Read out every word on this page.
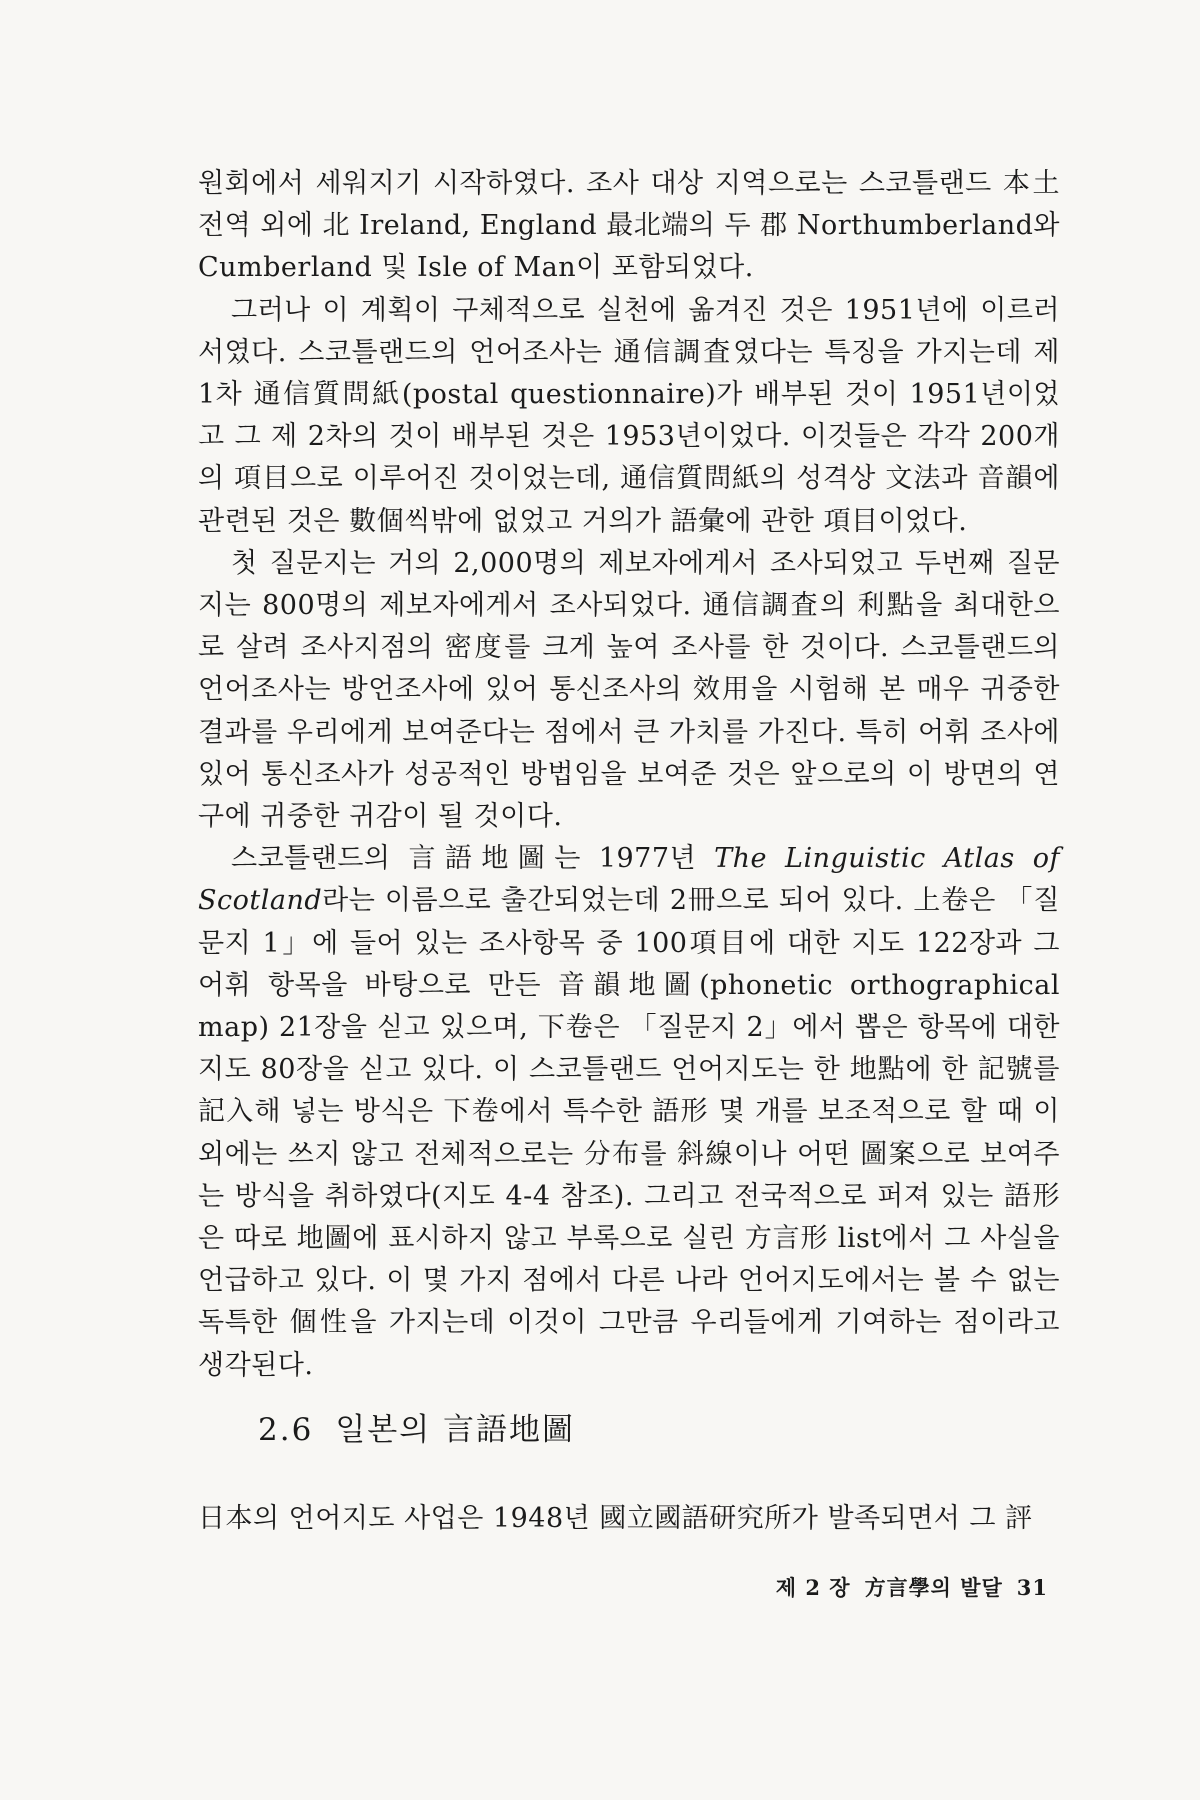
원회에서 세워지기 시작하였다. 조사 대상 지역으로는 스코틀랜드 本土 전역 외에 北 Ireland, England 最北端의 두 郡 Northumberland와 Cumberland 및 Isle of Man이 포함되었다.

그러나 이 계획이 구체적으로 실천에 옮겨진 것은 1951년에 이르러서였다. 스코틀랜드의 언어조사는 通信調査였다는 특징을 가지는데 제 1차 通信質問紙(postal questionnaire)가 배부된 것이 1951년이었고 그 제 2차의 것이 배부된 것은 1953년이었다. 이것들은 각각 200개의 項目으로 이루어진 것이었는데, 通信質問紙의 성격상 文法과 音韻에 관련된 것은 數個씩밖에 없었고 거의가 語彙에 관한 項目이었다.

첫 질문지는 거의 2,000명의 제보자에게서 조사되었고 두번째 질문지는 800명의 제보자에게서 조사되었다. 通信調査의 利點을 최대한으로 살려 조사지점의 密度를 크게 높여 조사를 한 것이다. 스코틀랜드의 언어조사는 방언조사에 있어 통신조사의 效用을 시험해 본 매우 귀중한 결과를 우리에게 보여준다는 점에서 큰 가치를 가진다. 특히 어휘 조사에 있어 통신조사가 성공적인 방법임을 보여준 것은 앞으로의 이 방면의 연구에 귀중한 귀감이 될 것이다.

스코틀랜드의 言語地圖는 1977년 The Linguistic Atlas of Scotland라는 이름으로 출간되었는데 2冊으로 되어 있다. 上卷은 「질문지 1」에 들어 있는 조사항목 중 100項目에 대한 지도 122장과 그 어휘 항목을 바탕으로 만든 音韻地圖(phonetic orthographical map) 21장을 싣고 있으며, 下卷은 「질문지 2」에서 뽑은 항목에 대한 지도 80장을 싣고 있다. 이 스코틀랜드 언어지도는 한 地點에 한 記號를 記入해 넣는 방식은 下卷에서 특수한 語形 몇 개를 보조적으로 할 때 이외에는 쓰지 않고 전체적으로는 分布를 斜線이나 어떤 圖案으로 보여주는 방식을 취하였다(지도 4-4 참조). 그리고 전국적으로 퍼져 있는 語形은 따로 地圖에 표시하지 않고 부록으로 실린 方言形 list에서 그 사실을 언급하고 있다. 이 몇 가지 점에서 다른 나라 언어지도에서는 볼 수 없는 독특한 個性을 가지는데 이것이 그만큼 우리들에게 기여하는 점이라고 생각된다.

2.6 일본의 言語地圖

日本의 언어지도 사업은 1948년 國立國語研究所가 발족되면서 그 評

제 2 장 方言學의 발달 31
